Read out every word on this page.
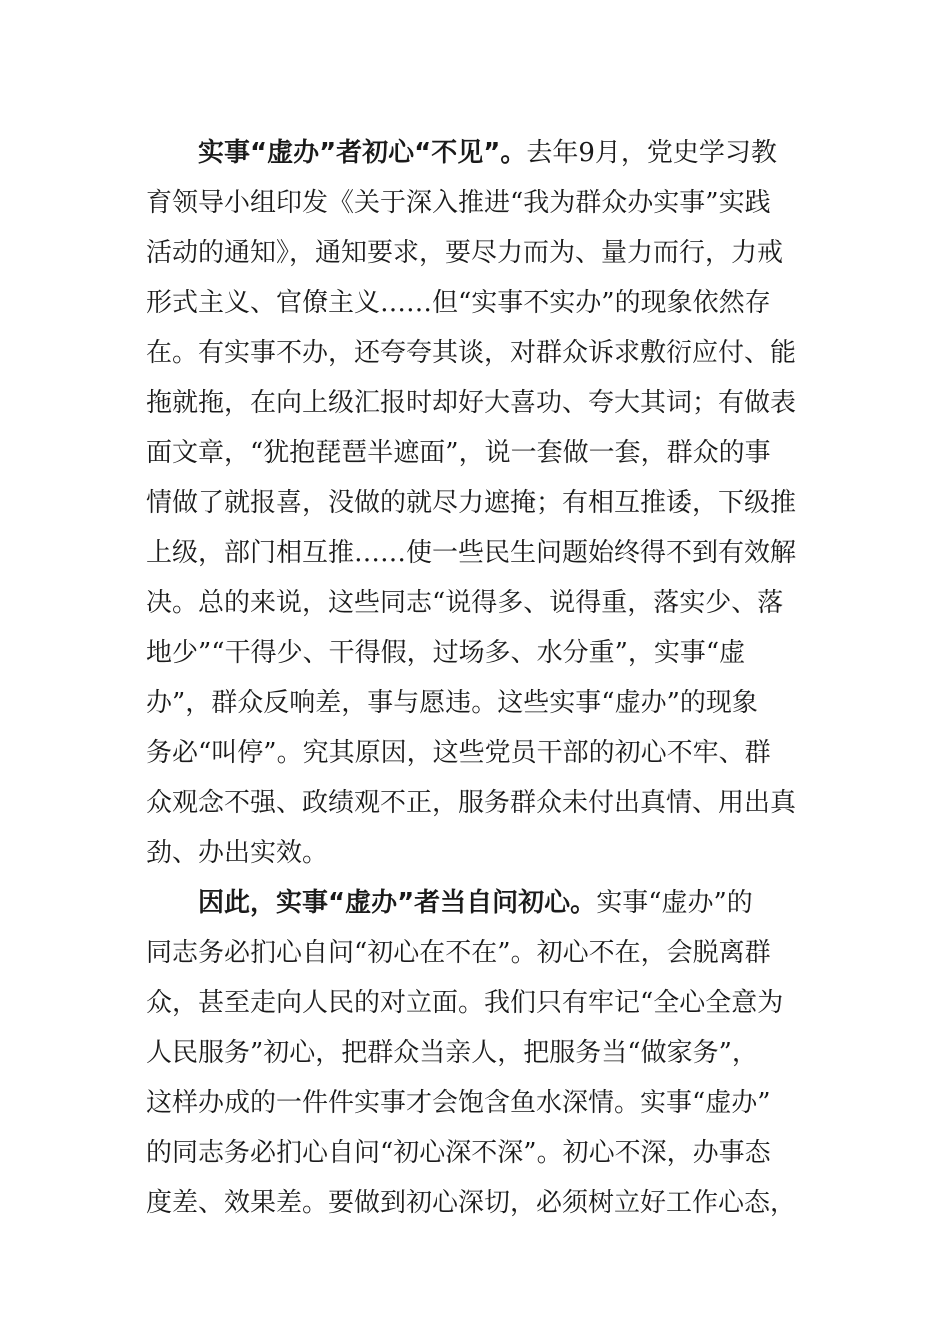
实事“虚办”者初心“不见”。去年9月，党史学习教
育领导小组印发《关于深入推进“我为群众办实事”实践
活动的通知》，通知要求，要尽力而为、量力而行，力戒
形式主义、官僚主义……但“实事不实办”的现象依然存
在。有实事不办，还夸夸其谈，对群众诉求敷衍应付、能
拖就拖，在向上级汇报时却好大喜功、夸大其词；有做表
面文章，“犹抱琵琶半遮面”，说一套做一套，群众的事
情做了就报喜，没做的就尽力遮掩；有相互推诿，下级推
上级，部门相互推……使一些民生问题始终得不到有效解
决。总的来说，这些同志“说得多、说得重，落实少、落
地少”“干得少、干得假，过场多、水分重”，实事“虚
办”，群众反响差，事与愿违。这些实事“虚办”的现象
务必“叫停”。究其原因，这些党员干部的初心不牢、群
众观念不强、政绩观不正，服务群众未付出真情、用出真
劲、办出实效。
因此，实事“虚办”者当自问初心。实事“虚办”的
同志务必扪心自问“初心在不在”。初心不在，会脱离群
众，甚至走向人民的对立面。我们只有牢记“全心全意为
人民服务”初心，把群众当亲人，把服务当“做家务”，
这样办成的一件件实事才会饱含鱼水深情。实事“虚办”
的同志务必扪心自问“初心深不深”。初心不深，办事态
度差、效果差。要做到初心深切，必须树立好工作心态，
